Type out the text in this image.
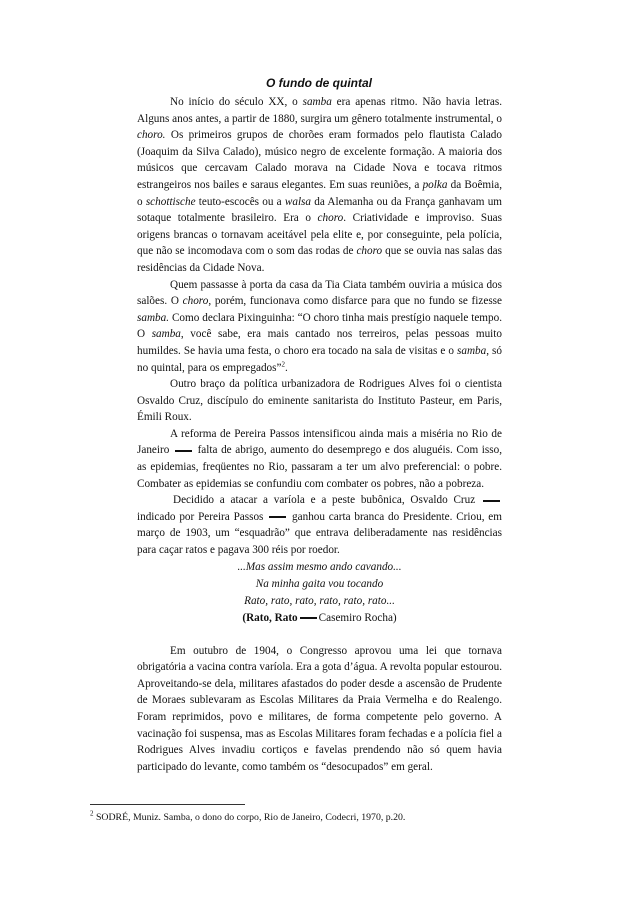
O fundo de quintal

No início do século XX, o samba era apenas ritmo. Não havia letras. Alguns anos antes, a partir de 1880, surgira um gênero totalmente instrumental, o choro. Os primeiros grupos de chorões eram formados pelo flautista Calado (Joaquim da Silva Calado), músico negro de excelente formação. A maioria dos músicos que cercavam Calado morava na Cidade Nova e tocava ritmos estrangeiros nos bailes e saraus elegantes. Em suas reuniões, a polka da Boêmia, o schottische teuto-escocês ou a walsa da Alemanha ou da França ganhavam um sotaque totalmente brasileiro. Era o choro. Criatividade e improviso. Suas origens brancas o tornavam aceitável pela elite e, por conseguinte, pela polícia, que não se incomodava com o som das rodas de choro que se ouvia nas salas das residências da Cidade Nova.

Quem passasse à porta da casa da Tia Ciata também ouviria a música dos salões. O choro, porém, funcionava como disfarce para que no fundo se fizesse samba. Como declara Pixinguinha: “O choro tinha mais prestígio naquele tempo. O samba, você sabe, era mais cantado nos terreiros, pelas pessoas muito humildes. Se havia uma festa, o choro era tocado na sala de visitas e o samba, só no quintal, para os empregados”$^2$.

Outro braço da política urbanizadora de Rodrigues Alves foi o cientista Osvaldo Cruz, discípulo do eminente sanitarista do Instituto Pasteur, em Paris, Émili Roux.

A reforma de Pereira Passos intensificou ainda mais a miséria no Rio de Janeiro  falta de abrigo, aumento do desemprego e dos aluguéis. Com isso, as epidemias, freqüentes no Rio, passaram a ter um alvo preferencial: o pobre. Combater as epidemias se confundiu com combater os pobres, não a pobreza.

Decidido a atacar a varíola e a peste bubônica, Osvaldo Cruz  indicado por Pereira Passos  ganhou carta branca do Presidente. Criou, em março de 1903, um “esquadrão” que entrava deliberadamente nas residências para caçar ratos e pagava 300 réis por roedor.

...Mas assim mesmo ando cavando...
Na minha gaita vou tocando
Rato, rato, rato, rato, rato, rato...
(Rato, Rato Casemiro Rocha)

Em outubro de 1904, o Congresso aprovou uma lei que tornava obrigatória a vacina contra varíola. Era a gota d’água. A revolta popular estourou. Aproveitando-se dela, militares afastados do poder desde a ascensão de Prudente de Moraes sublevaram as Escolas Militares da Praia Vermelha e do Realengo. Foram reprimidos, povo e militares, de forma competente pelo governo. A vacinação foi suspensa, mas as Escolas Militares foram fechadas e a polícia fiel a Rodrigues Alves invadiu cortiços e favelas prendendo não só quem havia participado do levante, como também os “desocupados” em geral.

$^2$ SODRÉ, Muniz. Samba, o dono do corpo, Rio de Janeiro, Codecri, 1970, p.20.
